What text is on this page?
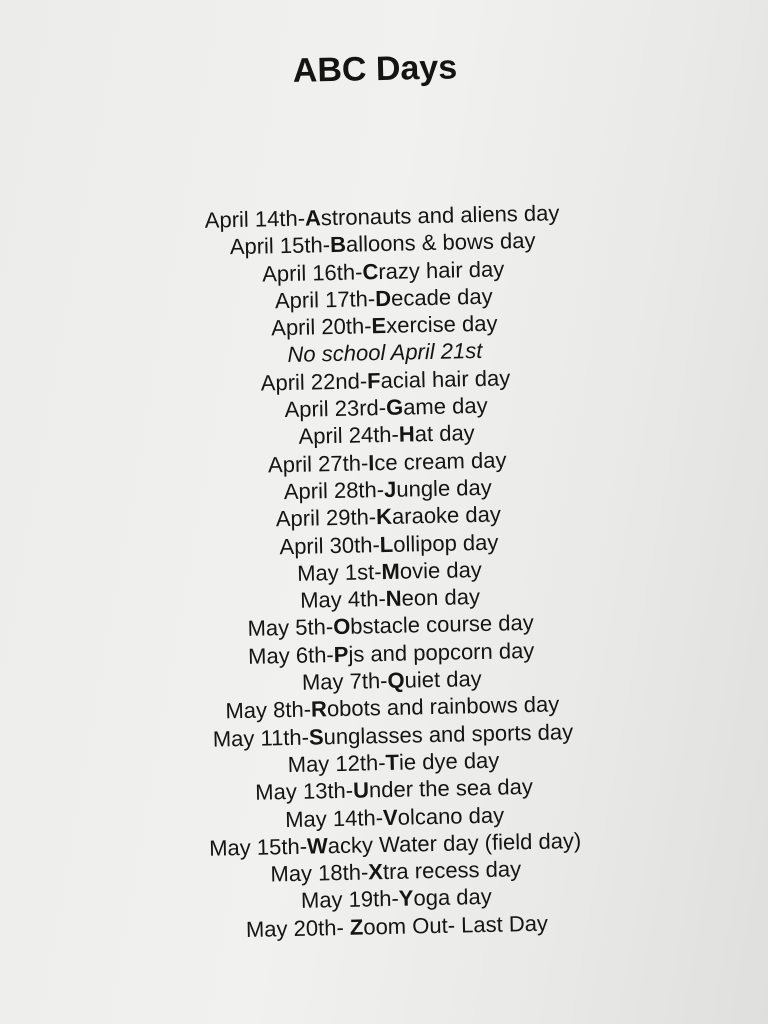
ABC Days
April 14th-Astronauts and aliens day
April 15th-Balloons & bows day
April 16th-Crazy hair day
April 17th-Decade day
April 20th-Exercise day
No school April 21st
April 22nd-Facial hair day
April 23rd-Game day
April 24th-Hat day
April 27th-Ice cream day
April 28th-Jungle day
April 29th-Karaoke day
April 30th-Lollipop day
May 1st-Movie day
May 4th-Neon day
May 5th-Obstacle course day
May 6th-Pjs and popcorn day
May 7th-Quiet day
May 8th-Robots and rainbows day
May 11th-Sunglasses and sports day
May 12th-Tie dye day
May 13th-Under the sea day
May 14th-Volcano day
May 15th-Wacky Water day (field day)
May 18th-Xtra recess day
May 19th-Yoga day
May 20th- Zoom Out- Last Day
